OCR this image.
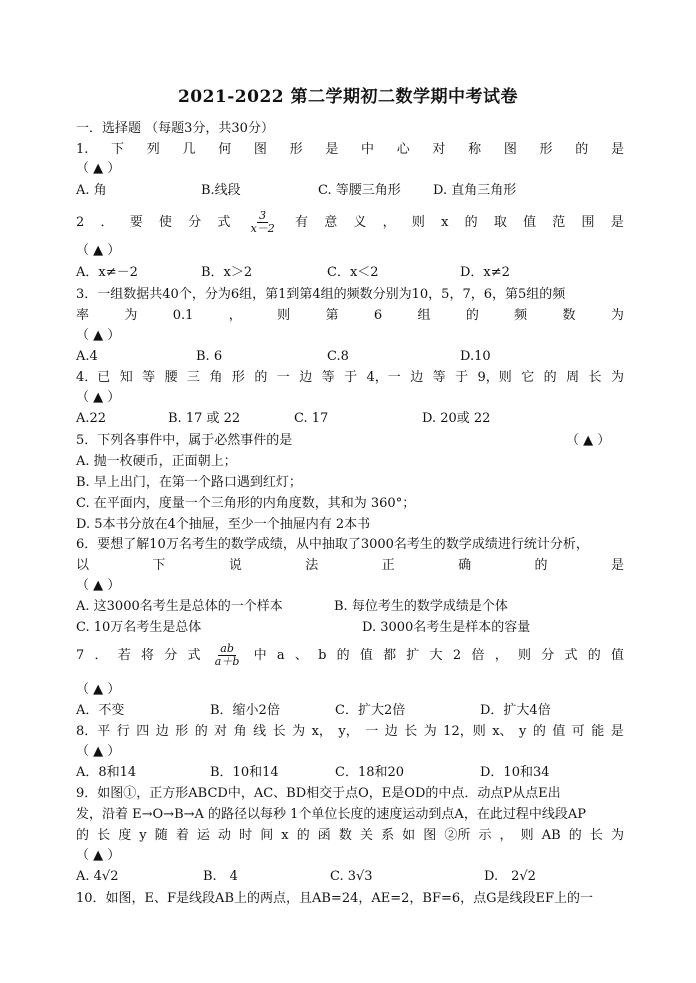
2021-2022 第二学期初二数学期中考试卷
一．选择题 （每题3分，共30分）
1. 下 列 几 何 图 形 是 中 心 对 称 图 形 的 是
（ ▲ ）
A. 角	B.线段	C. 等腰三角形 D. 直角三角形
2 ． 要 使 分 式 $\frac{3}{x-2}$ 有 意 义 ， 则 x 的 取 值 范 围 是
（ ▲ ）
A．x≠－2	B．x＞2	C．x＜2	D．x≠2
3．一组数据共40个，分为6组，第1到第4组的频数分别为10，5，7，6，第5组的频
率	为	0.1	，	则	第	6	组	的	频	数	为
（ ▲ ）
A.4	B. 6	C.8	D.10
4．已 知 等 腰 三 角 形 的 一 边 等 于 4，一 边 等 于 9，则 它 的 周 长 为
（ ▲ ）
A.22	B. 17 或 22	C. 17	D. 20或 22
5．下列各事件中，属于必然事件的是	（ ▲ ）
A. 抛一枚硬币，正面朝上；
B. 早上出门，在第一个路口遇到红灯；
C. 在平面内，度量一个三角形的内角度数，其和为 360°；
D. 5本书分放在4个抽屉，至少一个抽屉内有 2本书
6．要想了解10万名考生的数学成绩，从中抽取了3000名考生的数学成绩进行统计分析，
以	下	说	法	正	确	的	是
（ ▲ ）
A. 这3000名考生是总体的一个样本	B. 每位考生的数学成绩是个体
C. 10万名考生是总体	D. 3000名考生是样本的容量
7 ． 若 将 分 式 $\frac{ab}{a+b}$ 中 a 、 b 的 值 都 扩 大 2 倍 ， 则 分 式 的 值
（ ▲ ）
A．不变	B．缩小2倍	C．扩大2倍	D．扩大4倍
8．平 行 四 边 形 的 对 角 线 长 为 x， y， 一 边 长 为 12，则 x、 y 的 值 可 能 是
（ ▲ ）
A．8和14	B．10和14	C．18和20	D．10和34
9．如图①，正方形ABCD中，AC、BD相交于点O，E是OD的中点．动点P从点E出
发，沿着 E→O→B→A 的路径以每秒 1个单位长度的速度运动到点A，在此过程中线段AP
的 长 度 y 随 着 运 动 时 间 x 的 函 数 关 系 如 图 ②所 示 ， 则 AB 的 长 为
（ ▲ ）
A. 4√2	B.　4	C. 3√3	D.　2√2
10．如图，E、F是线段AB上的两点，且AB=24，AE=2，BF=6，点G是线段EF上的一
